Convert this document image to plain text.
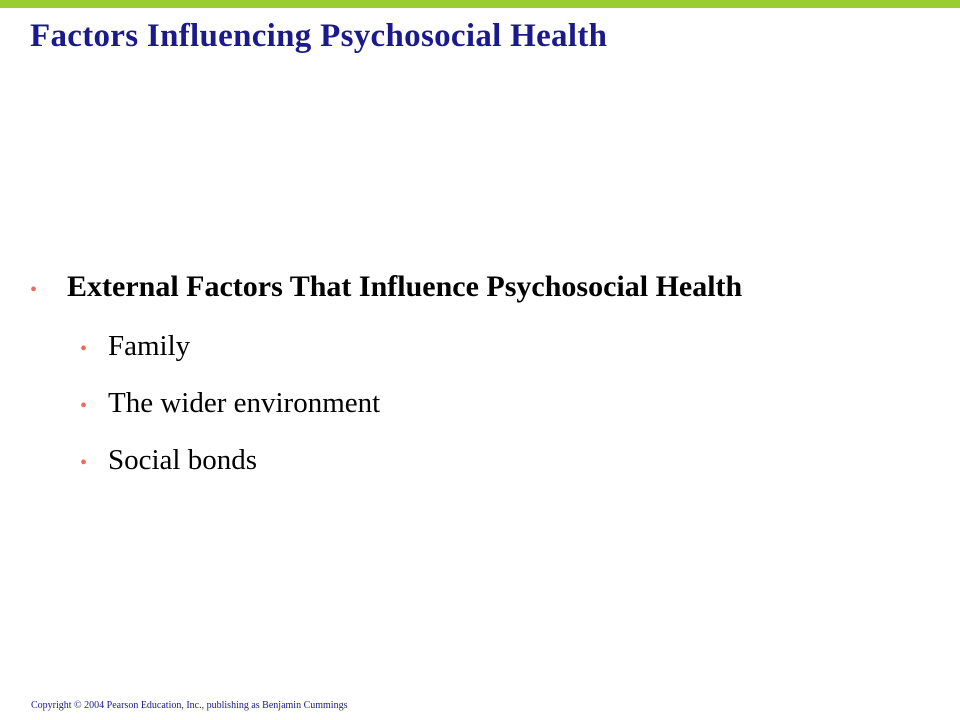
Factors Influencing Psychosocial Health
• External Factors That Influence Psychosocial Health
• Family
• The wider environment
• Social bonds
Copyright © 2004 Pearson Education, Inc., publishing as Benjamin Cummings
